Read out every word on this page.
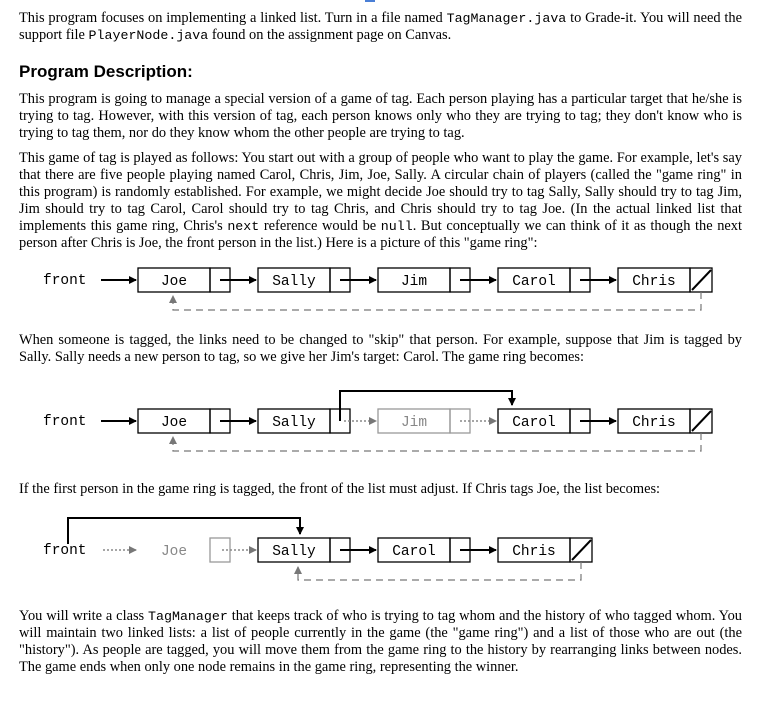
This program focuses on implementing a linked list. Turn in a file named TagManager.java to Grade-it. You will need the support file PlayerNode.java found on the assignment page on Canvas.

Program Description:

This program is going to manage a special version of a game of tag. Each person playing has a particular target that he/she is trying to tag. However, with this version of tag, each person knows only who they are trying to tag; they don't know who is trying to tag them, nor do they know whom the other people are trying to tag.

This game of tag is played as follows: You start out with a group of people who want to play the game. For example, let's say that there are five people playing named Carol, Chris, Jim, Joe, Sally. A circular chain of players (called the "game ring" in this program) is randomly established. For example, we might decide Joe should try to tag Sally, Sally should try to tag Jim, Jim should try to tag Carol, Carol should try to tag Chris, and Chris should try to tag Joe. (In the actual linked list that implements this game ring, Chris's next reference would be null. But conceptually we can think of it as though the next person after Chris is Joe, the front person in the list.) Here is a picture of this "game ring":

front	Joe	Sally	Jim	Carol	Chris

When someone is tagged, the links need to be changed to "skip" that person. For example, suppose that Jim is tagged by Sally. Sally needs a new person to tag, so we give her Jim's target: Carol. The game ring becomes:

front	Joe	Sally	Jim	Carol	Chris

If the first person in the game ring is tagged, the front of the list must adjust. If Chris tags Joe, the list becomes:

front	Joe	Sally	Carol	Chris

You will write a class TagManager that keeps track of who is trying to tag whom and the history of who tagged whom. You will maintain two linked lists: a list of people currently in the game (the "game ring") and a list of those who are out (the "history"). As people are tagged, you will move them from the game ring to the history by rearranging links between nodes. The game ends when only one node remains in the game ring, representing the winner.
